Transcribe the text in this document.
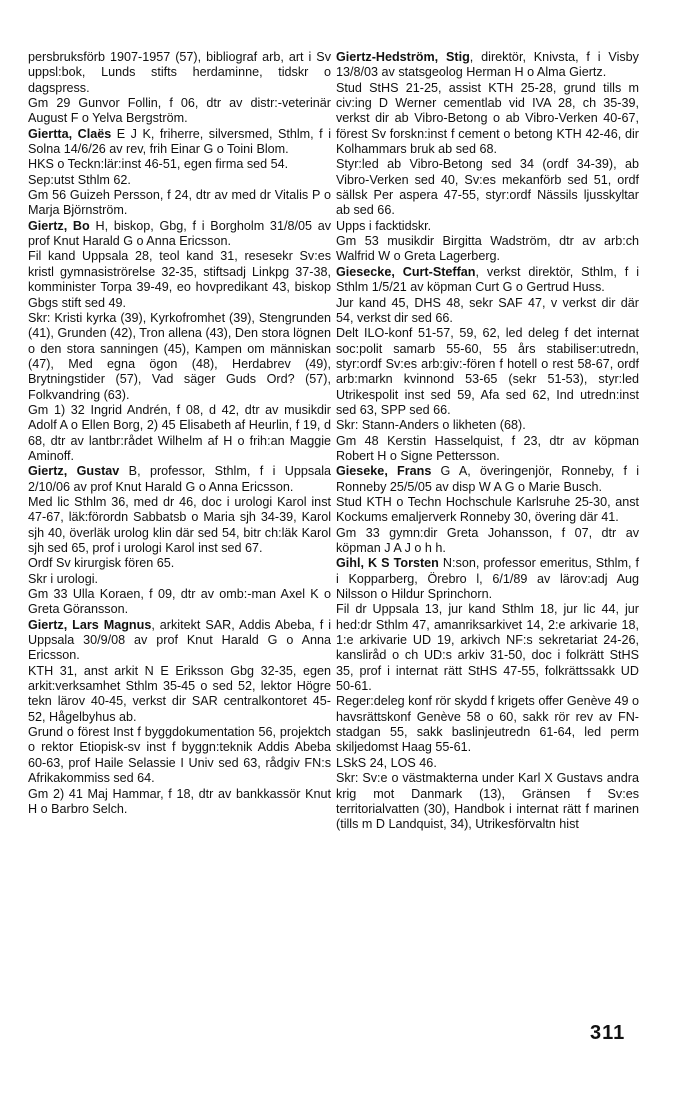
persbruksförb 1907-1957 (57), bibliograf arb, art i Sv uppsl:bok, Lunds stifts herdaminne, tidskr o dagspress.

Gm 29 Gunvor Follin, f 06, dtr av distr:-veterinär August F o Yelva Bergström.

Giertta, Claës E J K, friherre, silversmed, Sthlm, f i Solna 14/6/26 av rev, frih Einar G o Toini Blom.

HKS o Teckn:lär:inst 46-51, egen firma sed 54.

Sep:utst Sthlm 62.

Gm 56 Guizeh Persson, f 24, dtr av med dr Vitalis P o Marja Björnström.

Giertz, Bo H, biskop, Gbg, f i Borgholm 31/8/05 av prof Knut Harald G o Anna Ericsson.

Fil kand Uppsala 28, teol kand 31, resesekr Sv:es kristl gymnasiströrelse 32-35, stiftsadj Linkpg 37-38, komminister Torpa 39-49, eo hovpredikant 43, biskop Gbgs stift sed 49.

Skr: Kristi kyrka (39), Kyrkofromhet (39), Stengrunden (41), Grunden (42), Tron allena (43), Den stora lögnen o den stora sanningen (45), Kampen om människan (47), Med egna ögon (48), Herdabrev (49), Brytningstider (57), Vad säger Guds Ord? (57), Folkvandring (63).

Gm 1) 32 Ingrid Andrén, f 08, d 42, dtr av musikdir Adolf A o Ellen Borg, 2) 45 Elisabeth af Heurlin, f 19, d 68, dtr av lantbr:rådet Wilhelm af H o frih:an Maggie Aminoff.

Giertz, Gustav B, professor, Sthlm, f i Uppsala 2/10/06 av prof Knut Harald G o Anna Ericsson.

Med lic Sthlm 36, med dr 46, doc i urologi Karol inst 47-67, läk:förordn Sabbatsb o Maria sjh 34-39, Karol sjh 40, överläk urolog klin där sed 54, bitr ch:läk Karol sjh sed 65, prof i urologi Karol inst sed 67.

Ordf Sv kirurgisk fören 65.

Skr i urologi.

Gm 33 Ulla Koraen, f 09, dtr av omb:-man Axel K o Greta Göransson.

Giertz, Lars Magnus, arkitekt SAR, Addis Abeba, f i Uppsala 30/9/08 av prof Knut Harald G o Anna Ericsson.

KTH 31, anst arkit N E Eriksson Gbg 32-35, egen arkit:verksamhet Sthlm 35-45 o sed 52, lektor Högre tekn lärov 40-45, verkst dir SAR centralkontoret 45-52, Hågelbyhus ab.

Grund o förest Inst f byggdokumentation 56, projektch o rektor Etiopisk-sv inst f byggn:teknik Addis Abeba 60-63, prof Haile Selassie I Univ sed 63, rådgiv FN:s Afrikakommiss sed 64.

Gm 2) 41 Maj Hammar, f 18, dtr av bankkassör Knut H o Barbro Selch.

Giertz-Hedström, Stig, direktör, Knivsta, f i Visby 13/8/03 av statsgeolog Herman H o Alma Giertz.

Stud StHS 21-25, assist KTH 25-28, grund tills m civ:ing D Werner cementlab vid IVA 28, ch 35-39, verkst dir ab Vibro-Betong o ab Vibro-Verken 40-67, förest Sv forskn:inst f cement o betong KTH 42-46, dir Kolhammars bruk ab sed 68.

Styr:led ab Vibro-Betong sed 34 (ordf 34-39), ab Vibro-Verken sed 40, Sv:es mekanförb sed 51, ordf sällsk Per aspera 47-55, styr:ordf Nässils ljusskyltar ab sed 66.

Upps i facktidskr.

Gm 53 musikdir Birgitta Wadström, dtr av arb:ch Walfrid W o Greta Lagerberg.

Giesecke, Curt-Steffan, verkst direktör, Sthlm, f i Sthlm 1/5/21 av köpman Curt G o Gertrud Huss.

Jur kand 45, DHS 48, sekr SAF 47, v verkst dir där 54, verkst dir sed 66.

Delt ILO-konf 51-57, 59, 62, led deleg f det internat soc:polit samarb 55-60, 55 års stabiliser:utredn, styr:ordf Sv:es arb:giv:-fören f hotell o rest 58-67, ordf arb:markn kvinnond 53-65 (sekr 51-53), styr:led Utrikespolit inst sed 59, Afa sed 62, Ind utredn:inst sed 63, SPP sed 66.

Skr: Stann-Anders o likheten (68).

Gm 48 Kerstin Hasselquist, f 23, dtr av köpman Robert H o Signe Pettersson.

Gieseke, Frans G A, överingenjör, Ronneby, f i Ronneby 25/5/05 av disp W A G o Marie Busch.

Stud KTH o Techn Hochschule Karlsruhe 25-30, anst Kockums emaljerverk Ronneby 30, övering där 41.

Gm 33 gymn:dir Greta Johansson, f 07, dtr av köpman J A J o h h.

Gihl, K S Torsten N:son, professor emeritus, Sthlm, f i Kopparberg, Örebro l, 6/1/89 av lärov:adj Aug Nilsson o Hildur Sprinchorn.

Fil dr Uppsala 13, jur kand Sthlm 18, jur lic 44, jur hed:dr Sthlm 47, amanriksarkivet 14, 2:e arkivarie 18, 1:e arkivarie UD 19, arkivch NF:s sekretariat 24-26, kansliråd o ch UD:s arkiv 31-50, doc i folkrätt StHS 35, prof i internat rätt StHS 47-55, folkrättssakk UD 50-61.

Reger:deleg konf rör skydd f krigets offer Genève 49 o havsrättskonf Genève 58 o 60, sakk rör rev av FN-stadgan 55, sakk baslinjeutredn 61-64, led perm skiljedomst Haag 55-61.

LSkS 24, LOS 46.

Skr: Sv:e o västmakterna under Karl X Gustavs andra krig mot Danmark (13), Gränsen f Sv:es territorialvatten (30), Handbok i internat rätt f marinen (tills m D Landquist, 34), Utrikesförvaltn hist

311
